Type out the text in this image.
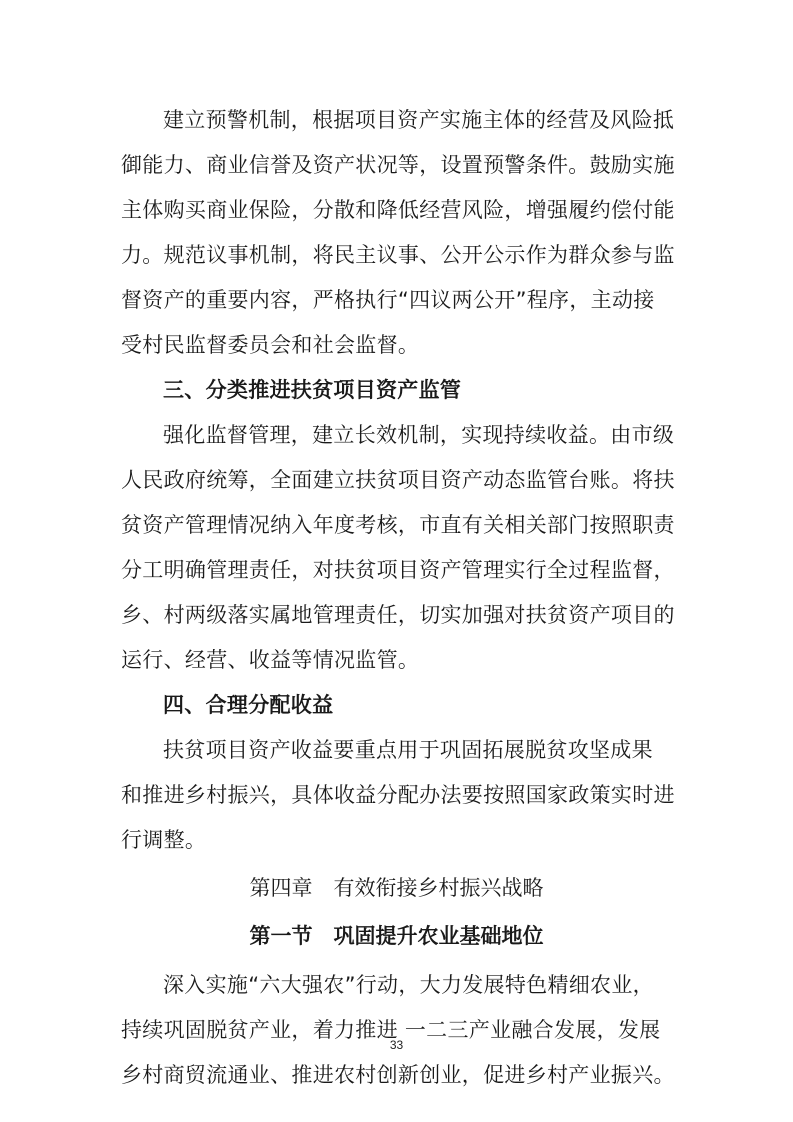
建立预警机制，根据项目资产实施主体的经营及风险抵
御能力、商业信誉及资产状况等，设置预警条件。鼓励实施
主体购买商业保险，分散和降低经营风险，增强履约偿付能
力。规范议事机制，将民主议事、公开公示作为群众参与监
督资产的重要内容，严格执行“四议两公开”程序，主动接
受村民监督委员会和社会监督。
三、分类推进扶贫项目资产监管
强化监督管理，建立长效机制，实现持续收益。由市级
人民政府统筹，全面建立扶贫项目资产动态监管台账。将扶
贫资产管理情况纳入年度考核，市直有关相关部门按照职责
分工明确管理责任，对扶贫项目资产管理实行全过程监督，
乡、村两级落实属地管理责任，切实加强对扶贫资产项目的
运行、经营、收益等情况监管。
四、合理分配收益
扶贫项目资产收益要重点用于巩固拓展脱贫攻坚成果
和推进乡村振兴，具体收益分配办法要按照国家政策实时进
行调整。
第四章　有效衔接乡村振兴战略
第一节　巩固提升农业基础地位
深入实施“六大强农”行动，大力发展特色精细农业，
持续巩固脱贫产业，着力推进 一二三产业融合发展，发展
乡村商贸流通业、推进农村创新创业，促进乡村产业振兴。
33
